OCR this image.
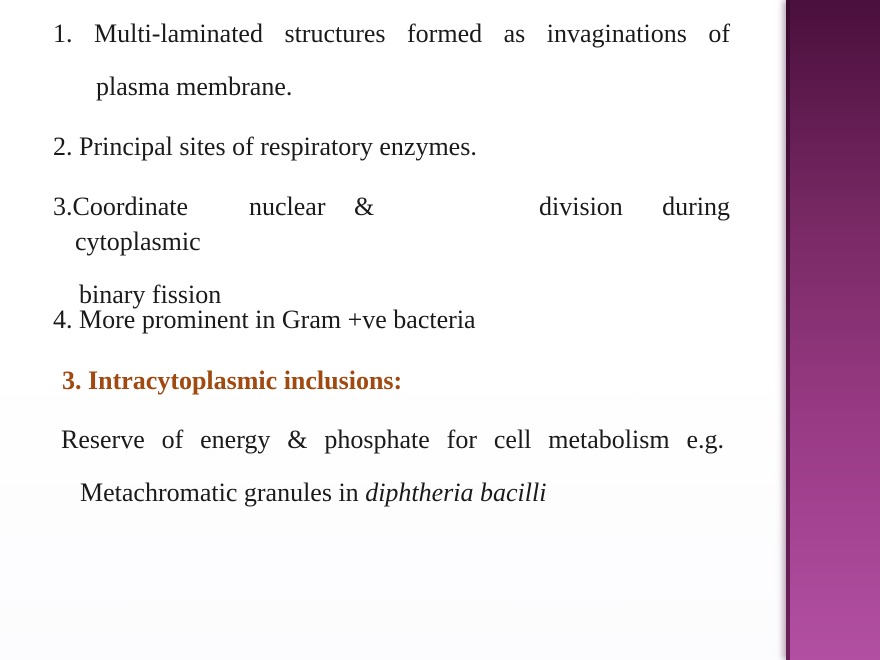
1. Multi-laminated structures formed as invaginations of
plasma membrane.
2. Principal sites of respiratory enzymes.
3.Coordinate nuclear &	division during
cytoplasmic
binary fission
4. More prominent in Gram +ve bacteria
3. Intracytoplasmic inclusions:
Reserve of energy & phosphate for cell metabolism e.g.
Metachromatic granules in diphtheria bacilli
